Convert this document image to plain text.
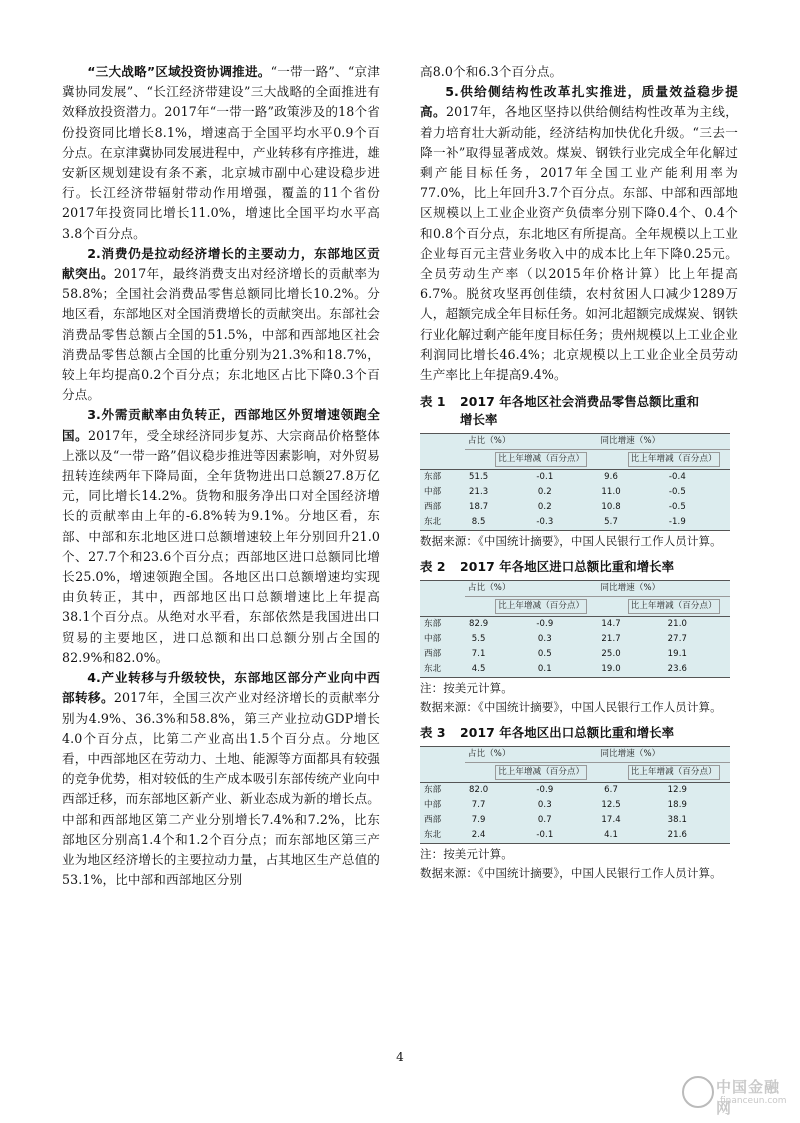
“三大战略”区域投资协调推进。“一带一路”、“京津冀协同发展”、“长江经济带建设”三大战略的全面推进有效释放投资潜力。2017年“一带一路”政策涉及的18个省份投资同比增长8.1%，增速高于全国平均水平0.9个百分点。在京津冀协同发展进程中，产业转移有序推进，雄安新区规划建设有条不紊，北京城市副中心建设稳步进行。长江经济带辐射带动作用增强，覆盖的11个省份2017年投资同比增长11.0%，增速比全国平均水平高3.8个百分点。

2.消费仍是拉动经济增长的主要动力，东部地区贡献突出。2017年，最终消费支出对经济增长的贡献率为58.8%；全国社会消费品零售总额同比增长10.2%。分地区看，东部地区对全国消费增长的贡献突出。东部社会消费品零售总额占全国的51.5%，中部和西部地区社会消费品零售总额占全国的比重分别为21.3%和18.7%，较上年均提高0.2个百分点；东北地区占比下降0.3个百分点。

3.外需贡献率由负转正，西部地区外贸增速领跑全国。2017年，受全球经济同步复苏、大宗商品价格整体上涨以及“一带一路”倡议稳步推进等因素影响，对外贸易扭转连续两年下降局面，全年货物进出口总额27.8万亿元，同比增长14.2%。货物和服务净出口对全国经济增长的贡献率由上年的-6.8%转为9.1%。分地区看，东部、中部和东北地区进口总额增速较上年分别回升21.0个、27.7个和23.6个百分点；西部地区进口总额同比增长25.0%，增速领跑全国。各地区出口总额增速均实现由负转正，其中，西部地区出口总额增速比上年提高38.1个百分点。从绝对水平看，东部依然是我国进出口贸易的主要地区，进口总额和出口总额分别占全国的82.9%和82.0%。

4.产业转移与升级较快，东部地区部分产业向中西部转移。2017年，全国三次产业对经济增长的贡献率分别为4.9%、36.3%和58.8%，第三产业拉动GDP增长4.0个百分点，比第二产业高出1.5个百分点。分地区看，中西部地区在劳动力、土地、能源等方面都具有较强的竞争优势，相对较低的生产成本吸引东部传统产业向中西部迁移，而东部地区新产业、新业态成为新的增长点。中部和西部地区第二产业分别增长7.4%和7.2%，比东部地区分别高1.4个和1.2个百分点；而东部地区第三产业为地区经济增长的主要拉动力量，占其地区生产总值的53.1%，比中部和西部地区分别

高8.0个和6.3个百分点。

5.供给侧结构性改革扎实推进，质量效益稳步提高。2017年，各地区坚持以供给侧结构性改革为主线，着力培育壮大新动能，经济结构加快优化升级。“三去一降一补”取得显著成效。煤炭、钢铁行业完成全年化解过剩产能目标任务，2017年全国工业产能利用率为77.0%，比上年回升3.7个百分点。东部、中部和西部地区规模以上工业企业资产负债率分别下降0.4个、0.4个和0.8个百分点，东北地区有所提高。全年规模以上工业企业每百元主营业务收入中的成本比上年下降0.25元。全员劳动生产率（以2015年价格计算）比上年提高6.7%。脱贫攻坚再创佳绩，农村贫困人口减少1289万人，超额完成全年目标任务。如河北超额完成煤炭、钢铁行业化解过剩产能年度目标任务；贵州规模以上工业企业利润同比增长46.4%；北京规模以上工业企业全员劳动生产率比上年提高9.4%。

表 1 2017 年各地区社会消费品零售总额比重和
增长率
	占比（%）		同比增速（%）	
		比上年增减（百分点）		比上年增减（百分点）
东部	51.5	-0.1	9.6	-0.4
中部	21.3	0.2	11.0	-0.5
西部	18.7	0.2	10.8	-0.5
东北	8.5	-0.3	5.7	-1.9

数据来源：《中国统计摘要》，中国人民银行工作人员计算。

表 2 2017 年各地区进口总额比重和增长率
	占比（%）		同比增速（%）	
		比上年增减（百分点）		比上年增减（百分点）
东部	82.9	-0.9	14.7	21.0
中部	5.5	0.3	21.7	27.7
西部	7.1	0.5	25.0	19.1
东北	4.5	0.1	19.0	23.6

注：按美元计算。

数据来源：《中国统计摘要》，中国人民银行工作人员计算。

表 3 2017 年各地区出口总额比重和增长率
	占比（%）		同比增速（%）	
		比上年增减（百分点）		比上年增减（百分点）
东部	82.0	-0.9	6.7	12.9
中部	7.7	0.3	12.5	18.9
西部	7.9	0.7	17.4	38.1
东北	2.4	-0.1	4.1	21.6

注：按美元计算。

数据来源：《中国统计摘要》，中国人民银行工作人员计算。

4
中国金融网
financeun.com
